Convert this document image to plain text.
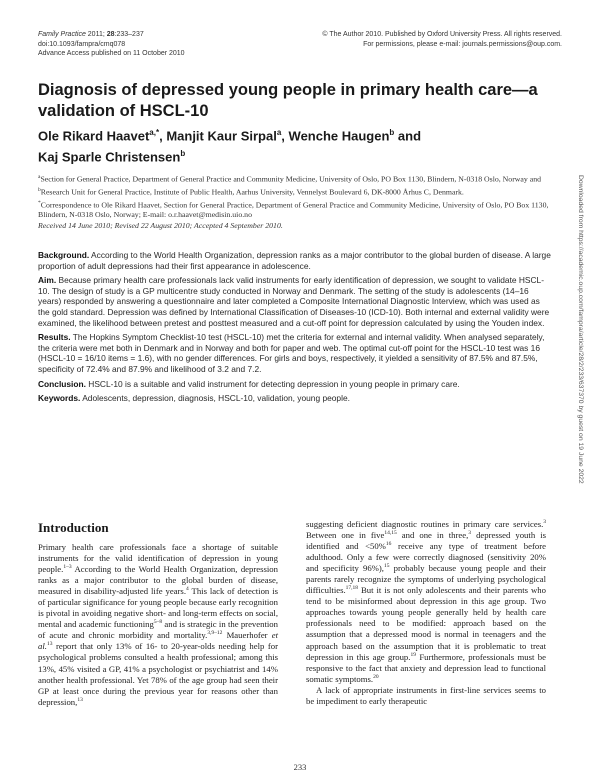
Family Practice 2011; 28:233–237
doi:10.1093/fampra/cmq078
Advance Access published on 11 October 2010
© The Author 2010. Published by Oxford University Press. All rights reserved.
For permissions, please e-mail: journals.permissions@oup.com.
Diagnosis of depressed young people in primary health care—a validation of HSCL-10
Ole Rikard Haavet$^{a,*}$, Manjit Kaur Sirpal$^a$, Wenche Haugen$^b$ and
Kaj Sparle Christensen$^b$

$^a$Section for General Practice, Department of General Practice and Community Medicine, University of Oslo, PO Box 1130, Blindern, N-0318 Oslo, Norway and $^b$Research Unit for General Practice, Institute of Public Health, Aarhus University, Vennelyst Boulevard 6, DK-8000 Århus C, Denmark.

*Correspondence to Ole Rikard Haavet, Section for General Practice, Department of General Practice and Community Medicine, University of Oslo, PO Box 1130, Blindern, N-0318 Oslo, Norway; E-mail: o.r.haavet@medisin.uio.no

Received 14 June 2010; Revised 22 August 2010; Accepted 4 September 2010.

Background. According to the World Health Organization, depression ranks as a major contributor to the global burden of disease. A large proportion of adult depressions had their first appearance in adolescence.

Aim. Because primary health care professionals lack valid instruments for early identification of depression, we sought to validate HSCL-10. The design of study is a GP multicentre study conducted in Norway and Denmark. The setting of the study is adolescents (14–16 years) responded by answering a questionnaire and later completed a Composite International Diagnostic Interview, which was used as the gold standard. Depression was defined by International Classification of Diseases-10 (ICD-10). Both internal and external validity were examined, the likelihood between pretest and posttest measured and a cut-off point for depression calculated by using the Youden index.

Results. The Hopkins Symptom Checklist-10 test (HSCL-10) met the criteria for external and internal validity. When analysed separately, the criteria were met both in Denmark and in Norway and both for paper and web. The optimal cut-off point for the HSCL-10 test was 16 (HSCL-10 = 16/10 items = 1.6), with no gender differences. For girls and boys, respectively, it yielded a sensitivity of 87.5% and 87.5%, specificity of 72.4% and 87.9% and likelihood of 3.2 and 7.2.

Conclusion. HSCL-10 is a suitable and valid instrument for detecting depression in young people in primary care.

Keywords. Adolescents, depression, diagnosis, HSCL-10, validation, young people.

Introduction

Primary health care professionals face a shortage of suitable instruments for the valid identification of depression in young people.$^{1-3}$ According to the World Health Organization, depression ranks as a major contributor to the global burden of disease, measured in disability-adjusted life years.$^4$ This lack of detection is of particular significance for young people because early recognition is pivotal in avoiding negative short- and long-term effects on social, mental and academic functioning$^{5-8}$ and is strategic in the prevention of acute and chronic morbidity and mortality.$^{3,9-12}$ Mauerhofer et al.$^{13}$ report that only 13% of 16- to 20-year-olds needing help for psychological problems consulted a health professional; among this 13%, 45% visited a GP, 41% a psychologist or psychiatrist and 14% another health professional. Yet 78% of the age group had seen their GP at least once during the previous year for reasons other than depression,$^{13}$

suggesting deficient diagnostic routines in primary care services.$^3$ Between one in five$^{14,15}$ and one in three,$^3$ depressed youth is identified and <50%$^{16}$ receive any type of treatment before adulthood. Only a few were correctly diagnosed (sensitivity 20% and specificity 96%),$^{15}$ probably because young people and their parents rarely recognize the symptoms of underlying psychological difficulties.$^{17,18}$ But it is not only adolescents and their parents who tend to be misinformed about depression in this age group. Two approaches towards young people generally held by health care professionals need to be modified: approach based on the assumption that a depressed mood is normal in teenagers and the approach based on the assumption that it is problematic to treat depression in this age group.$^{19}$ Furthermore, professionals must be responsive to the fact that anxiety and depression lead to functional somatic symptoms.$^{20}$

A lack of appropriate instruments in first-line services seems to be impediment to early therapeutic

233
Downloaded from https://academic.oup.com/fampra/article/28/2/233/637370 by guest on 19 June 2022
